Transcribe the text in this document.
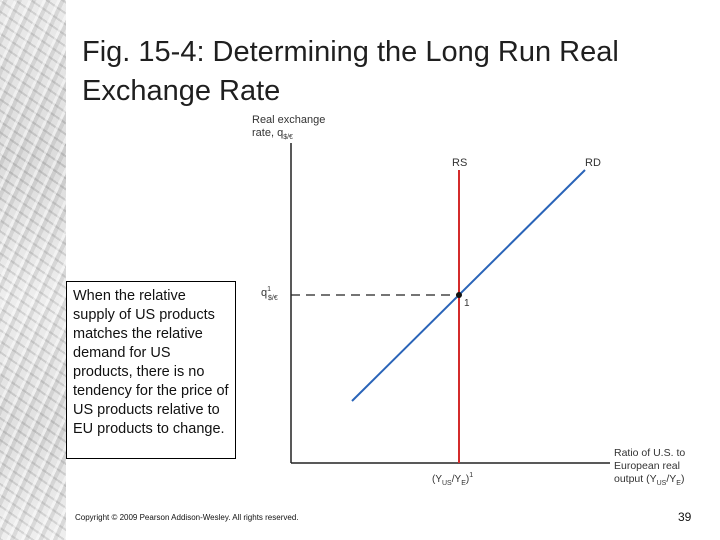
Fig. 15-4: Determining the Long Run Real Exchange Rate
Real exchange
rate, $q_{\$/€}$
RS	RD
1
$q^1$
$/€
$(Y_{US}/Y_E)^1$
Ratio of U.S. to
European real
output $(Y_{US}/Y_E)$
When the relative supply of US products matches the relative demand for US products, there is no tendency for the price of US products relative to EU products to change.
Copyright © 2009 Pearson Addison-Wesley. All rights reserved.	39
